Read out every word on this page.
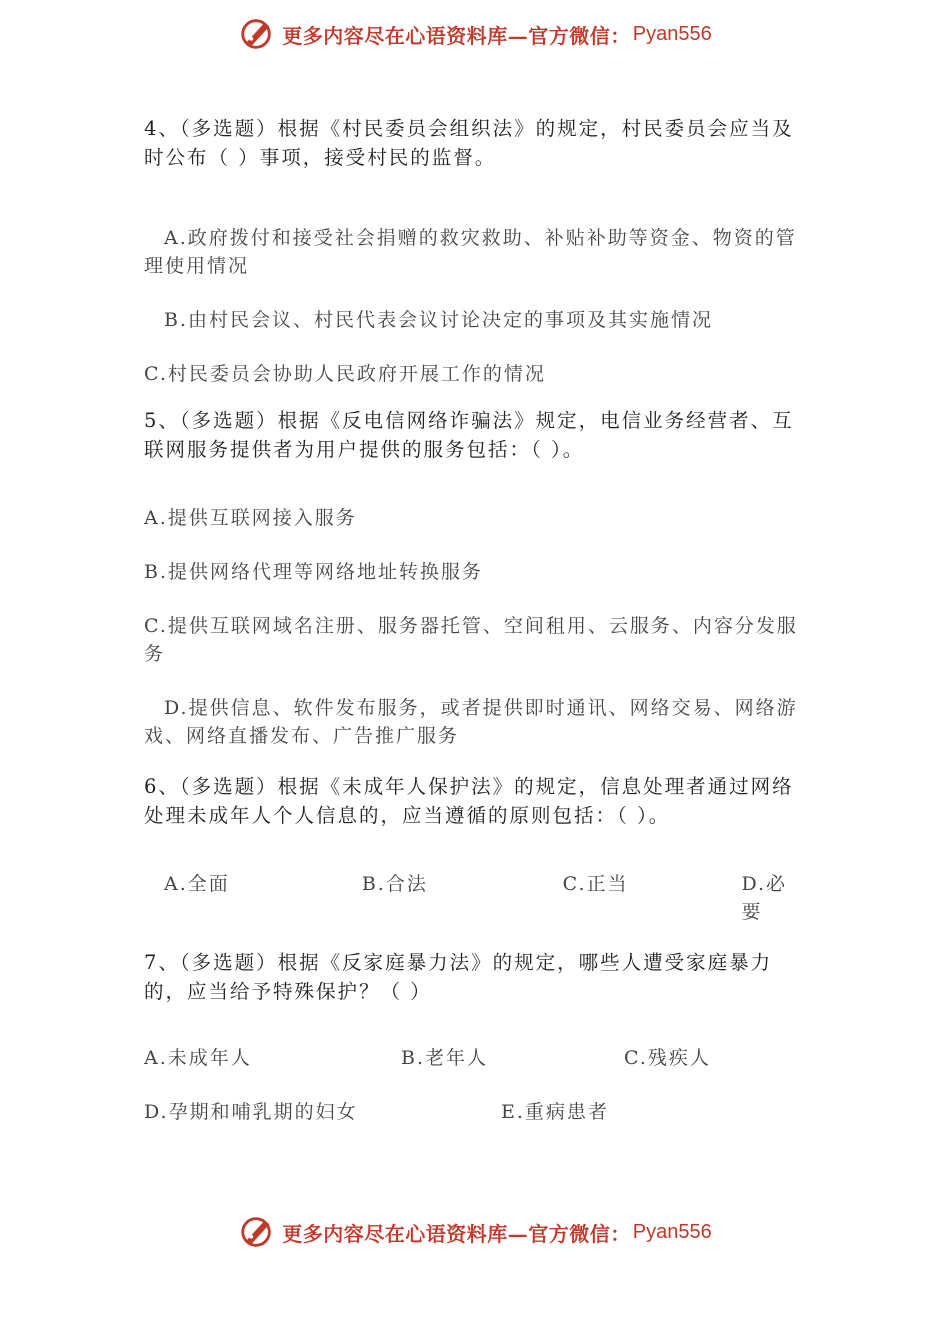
更多内容尽在心语资料库—官方微信： Pyan556

4、（多选题）根据《村民委员会组织法》的规定，村民委员会应当及时公布（ ）事项，接受村民的监督。

A.政府拨付和接受社会捐赠的救灾救助、补贴补助等资金、物资的管理使用情况

B.由村民会议、村民代表会议讨论决定的事项及其实施情况

C.村民委员会协助人民政府开展工作的情况

5、（多选题）根据《反电信网络诈骗法》规定，电信业务经营者、互联网服务提供者为用户提供的服务包括：（ ）。

A.提供互联网接入服务

B.提供网络代理等网络地址转换服务

C.提供互联网域名注册、服务器托管、空间租用、云服务、内容分发服务

D.提供信息、软件发布服务，或者提供即时通讯、网络交易、网络游戏、网络直播发布、广告推广服务

6、（多选题）根据《未成年人保护法》的规定，信息处理者通过网络处理未成年人个人信息的，应当遵循的原则包括：（ ）。

A.全面	B.合法	C.正当	D.必要

7、（多选题）根据《反家庭暴力法》的规定，哪些人遭受家庭暴力的，应当给予特殊保护？（ ）

A.未成年人	B.老年人	C.残疾人
D.孕期和哺乳期的妇女	E.重病患者
更多内容尽在心语资料库—官方微信： Pyan556
